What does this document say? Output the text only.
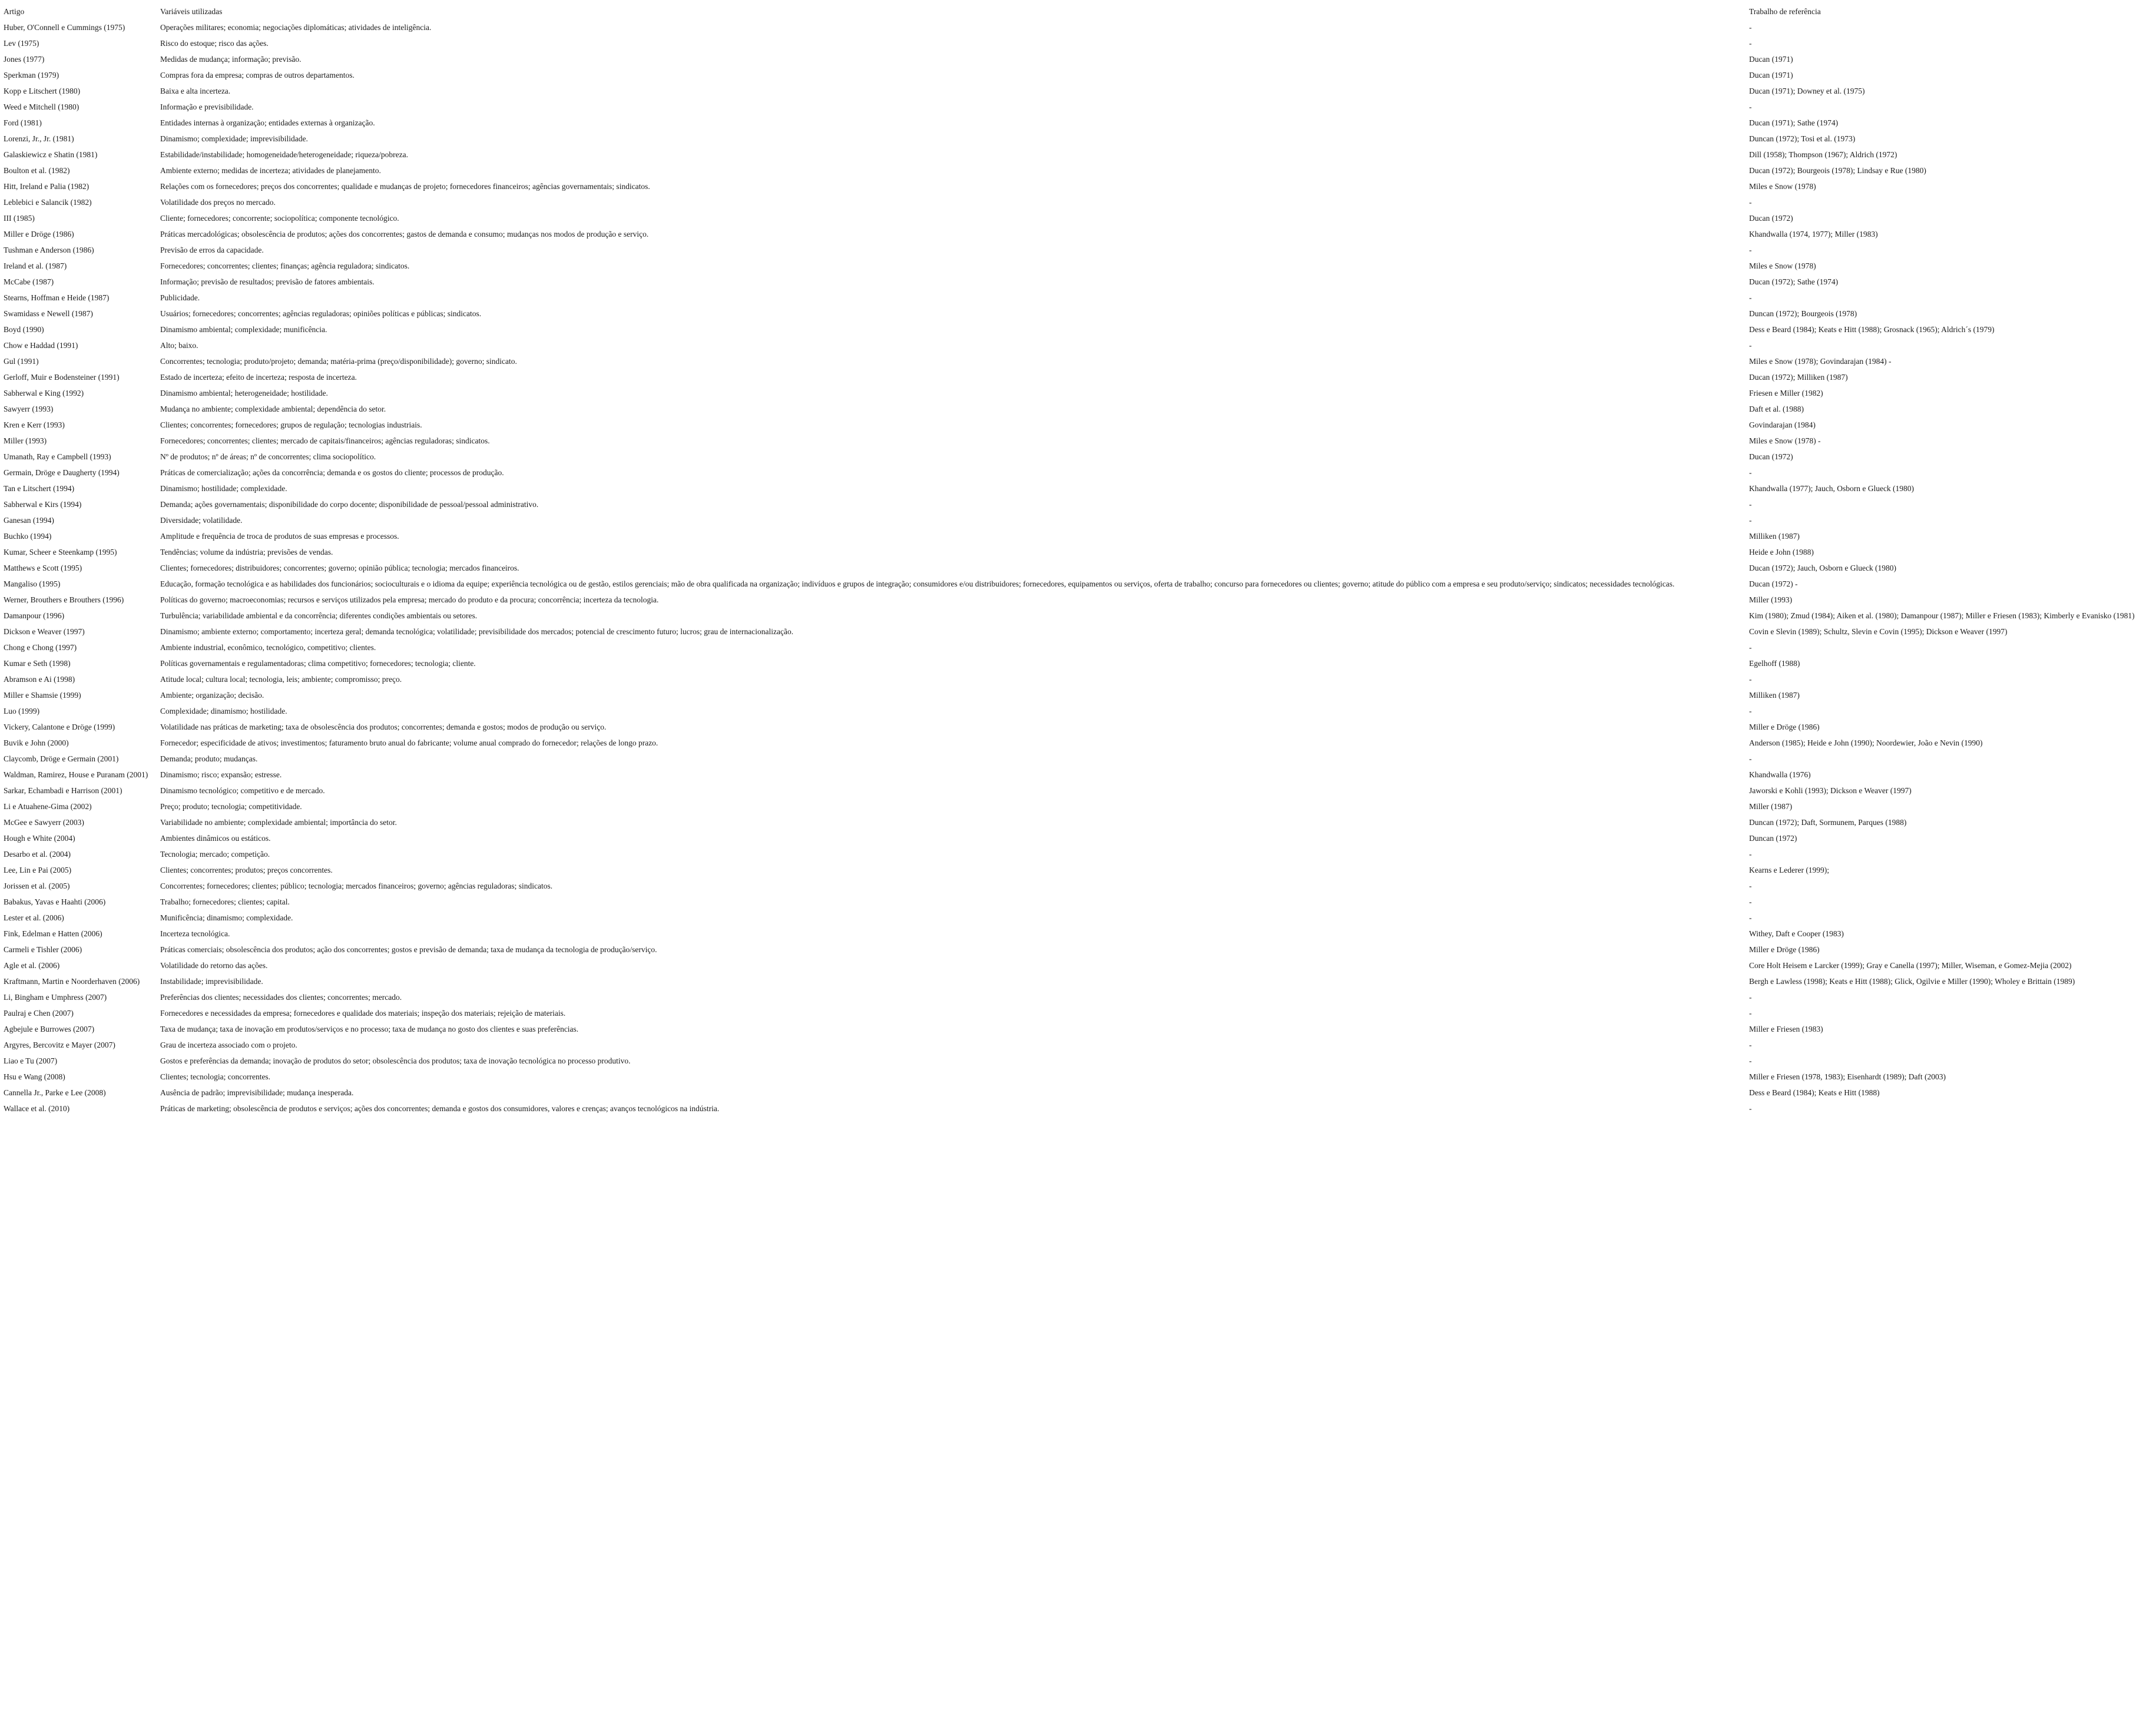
Artigo	Variáveis utilizadas	Trabalho de referência
Huber, O'Connell e Cummings (1975)	Operações militares; economia; negociações diplomáticas; atividades de inteligência.	-
Lev (1975)	Risco do estoque; risco das ações.	-
Jones (1977)	Medidas de mudança; informação; previsão.	Ducan (1971)
Sperkman (1979)	Compras fora da empresa; compras de outros departamentos.	Ducan (1971)
Kopp e Litschert (1980)	Baixa e alta incerteza.	Ducan (1971); Downey et al. (1975)
Weed e Mitchell (1980)	Informação e previsibilidade.	-
Ford (1981)	Entidades internas à organização; entidades externas à organização.	Ducan (1971); Sathe (1974)
Lorenzi, Jr., Jr. (1981)	Dinamismo; complexidade; imprevisibilidade.	Duncan (1972); Tosi et al. (1973)
Galaskiewicz e Shatin (1981)	Estabilidade/instabilidade; homogeneidade/heterogeneidade; riqueza/pobreza.	Dill (1958); Thompson (1967); Aldrich (1972)
Boulton et al. (1982)	Ambiente externo; medidas de incerteza; atividades de planejamento.	Ducan (1972); Bourgeois (1978); Lindsay e Rue (1980)
Hitt, Ireland e Palia (1982)	Relações com os fornecedores; preços dos concorrentes; qualidade e mudanças de projeto; fornecedores financeiros; agências governamentais; sindicatos.	Miles e Snow (1978)
Leblebici e Salancik (1982)	Volatilidade dos preços no mercado.	-
III (1985)	Cliente; fornecedores; concorrente; sociopolítica; componente tecnológico.	Ducan (1972)
Miller e Dröge (1986)	Práticas mercadológicas; obsolescência de produtos; ações dos concorrentes; gastos de demanda e consumo; mudanças nos modos de produção e serviço.	Khandwalla (1974, 1977); Miller (1983)
Tushman e Anderson (1986)	Previsão de erros da capacidade.	-
Ireland et al. (1987)	Fornecedores; concorrentes; clientes; finanças; agência reguladora; sindicatos.	Miles e Snow (1978)
McCabe (1987)	Informação; previsão de resultados; previsão de fatores ambientais.	Ducan (1972); Sathe (1974)
Stearns, Hoffman e Heide (1987)	Publicidade.	-
Swamidass e Newell (1987)	Usuários; fornecedores; concorrentes; agências reguladoras; opiniões políticas e públicas; sindicatos.	Duncan (1972); Bourgeois (1978)
Boyd (1990)	Dinamismo ambiental; complexidade; munificência.	Dess e Beard (1984); Keats e Hitt (1988); Grosnack (1965); Aldrich´s (1979)
Chow e Haddad (1991)	Alto; baixo.	-
Gul (1991)	Concorrentes; tecnologia; produto/projeto; demanda; matéria-prima (preço/disponibilidade); governo; sindicato.	Miles e Snow (1978); Govindarajan (1984) -
Gerloff, Muir e Bodensteiner (1991)	Estado de incerteza; efeito de incerteza; resposta de incerteza.	Ducan (1972); Milliken (1987)
Sabherwal e King (1992)	Dinamismo ambiental; heterogeneidade; hostilidade.	Friesen e Miller (1982)
Sawyerr (1993)	Mudança no ambiente; complexidade ambiental; dependência do setor.	Daft et al. (1988)
Kren e Kerr (1993)	Clientes; concorrentes; fornecedores; grupos de regulação; tecnologias industriais.	Govindarajan (1984)
Miller (1993)	Fornecedores; concorrentes; clientes; mercado de capitais/financeiros; agências reguladoras; sindicatos.	Miles e Snow (1978) -
Umanath, Ray e Campbell (1993)	Nº de produtos; nº de áreas; nº de concorrentes; clima sociopolítico.	Ducan (1972)
Germain, Dröge e Daugherty (1994)	Práticas de comercialização; ações da concorrência; demanda e os gostos do cliente; processos de produção.	-
Tan e Litschert (1994)	Dinamismo; hostilidade; complexidade.	Khandwalla (1977); Jauch, Osborn e Glueck (1980)
Sabherwal e Kirs (1994)	Demanda; ações governamentais; disponibilidade do corpo docente; disponibilidade de pessoal/pessoal administrativo.	-
Ganesan (1994)	Diversidade; volatilidade.	-
Buchko (1994)	Amplitude e frequência de troca de produtos de suas empresas e processos.	Milliken (1987)
Kumar, Scheer e Steenkamp (1995)	Tendências; volume da indústria; previsões de vendas.	Heide e John (1988)
Matthews e Scott (1995)	Clientes; fornecedores; distribuidores; concorrentes; governo; opinião pública; tecnologia; mercados financeiros.	Ducan (1972); Jauch, Osborn e Glueck (1980)
Mangaliso (1995)	Educação, formação tecnológica e as habilidades dos funcionários; socioculturais e o idioma da equipe; experiência tecnológica ou de gestão, estilos gerenciais; mão de obra qualificada na organização; indivíduos e grupos de integração; consumidores e/ou distribuidores; fornecedores, equipamentos ou serviços, oferta de trabalho; concurso para fornecedores ou clientes; governo; atitude do público com a empresa e seu produto/serviço; sindicatos; necessidades tecnológicas.	Ducan (1972) -
Werner, Brouthers e Brouthers (1996)	Políticas do governo; macroeconomias; recursos e serviços utilizados pela empresa; mercado do produto e da procura; concorrência; incerteza da tecnologia.	Miller (1993)
Damanpour (1996)	Turbulência; variabilidade ambiental e da concorrência; diferentes condições ambientais ou setores.	Kim (1980); Zmud (1984); Aiken et al. (1980); Damanpour (1987); Miller e Friesen (1983); Kimberly e Evanisko (1981)
Dickson e Weaver (1997)	Dinamismo; ambiente externo; comportamento; incerteza geral; demanda tecnológica; volatilidade; previsibilidade dos mercados; potencial de crescimento futuro; lucros; grau de internacionalização.	Covin e Slevin (1989); Schultz, Slevin e Covin (1995); Dickson e Weaver (1997)
Chong e Chong (1997)	Ambiente industrial, econômico, tecnológico, competitivo; clientes.	-
Kumar e Seth (1998)	Políticas governamentais e regulamentadoras; clima competitivo; fornecedores; tecnologia; cliente.	Egelhoff (1988)
Abramson e Ai (1998)	Atitude local; cultura local; tecnologia, leis; ambiente; compromisso; preço.	-
Miller e Shamsie (1999)	Ambiente; organização; decisão.	Milliken (1987)
Luo (1999)	Complexidade; dinamismo; hostilidade.	-
Vickery, Calantone e Dröge (1999)	Volatilidade nas práticas de marketing; taxa de obsolescência dos produtos; concorrentes; demanda e gostos; modos de produção ou serviço.	Miller e Dröge (1986)
Buvik e John (2000)	Fornecedor; especificidade de ativos; investimentos; faturamento bruto anual do fabricante; volume anual comprado do fornecedor; relações de longo prazo.	Anderson (1985); Heide e John (1990); Noordewier, João e Nevin (1990)
Claycomb, Dröge e Germain (2001)	Demanda; produto; mudanças.	-
Waldman, Ramirez, House e Puranam (2001)	Dinamismo; risco; expansão; estresse.	Khandwalla (1976)
Sarkar, Echambadi e Harrison (2001)	Dinamismo tecnológico; competitivo e de mercado.	Jaworski e Kohli (1993); Dickson e Weaver (1997)
Li e Atuahene-Gima (2002)	Preço; produto; tecnologia; competitividade.	Miller (1987)
McGee e Sawyerr (2003)	Variabilidade no ambiente; complexidade ambiental; importância do setor.	Duncan (1972); Daft, Sormunem, Parques (1988)
Hough e White (2004)	Ambientes dinâmicos ou estáticos.	Duncan (1972)
Desarbo et al. (2004)	Tecnologia; mercado; competição.	-
Lee, Lin e Pai (2005)	Clientes; concorrentes; produtos; preços concorrentes.	Kearns e Lederer (1999);
Jorissen et al. (2005)	Concorrentes; fornecedores; clientes; público; tecnologia; mercados financeiros; governo; agências reguladoras; sindicatos.	-
Babakus, Yavas e Haahti (2006)	Trabalho; fornecedores; clientes; capital.	-
Lester et al. (2006)	Munificência; dinamismo; complexidade.	-
Fink, Edelman e Hatten (2006)	Incerteza tecnológica.	Withey, Daft e Cooper (1983)
Carmeli e Tishler (2006)	Práticas comerciais; obsolescência dos produtos; ação dos concorrentes; gostos e previsão de demanda; taxa de mudança da tecnologia de produção/serviço.	Miller e Dröge (1986)
Agle et al. (2006)	Volatilidade do retorno das ações.	Core Holt Heisem e Larcker (1999); Gray e Canella (1997); Miller, Wiseman, e Gomez-Mejia (2002)
Kraftmann, Martin e Noorderhaven (2006)	Instabilidade; imprevisibilidade.	Bergh e Lawless (1998); Keats e Hitt (1988); Glick, Ogilvie e Miller (1990); Wholey e Brittain (1989)
Li, Bingham e Umphress (2007)	Preferências dos clientes; necessidades dos clientes; concorrentes; mercado.	-
Paulraj e Chen (2007)	Fornecedores e necessidades da empresa; fornecedores e qualidade dos materiais; inspeção dos materiais; rejeição de materiais.	-
Agbejule e Burrowes (2007)	Taxa de mudança; taxa de inovação em produtos/serviços e no processo; taxa de mudança no gosto dos clientes e suas preferências.	Miller e Friesen (1983)
Argyres, Bercovitz e Mayer (2007)	Grau de incerteza associado com o projeto.	-
Liao e Tu (2007)	Gostos e preferências da demanda; inovação de produtos do setor; obsolescência dos produtos; taxa de inovação tecnológica no processo produtivo.	-
Hsu e Wang (2008)	Clientes; tecnologia; concorrentes.	Miller e Friesen (1978, 1983); Eisenhardt (1989); Daft (2003)
Cannella Jr., Parke e Lee (2008)	Ausência de padrão; imprevisibilidade; mudança inesperada.	Dess e Beard (1984); Keats e Hitt (1988)
Wallace et al. (2010)	Práticas de marketing; obsolescência de produtos e serviços; ações dos concorrentes; demanda e gostos dos consumidores, valores e crenças; avanços tecnológicos na indústria.	-
